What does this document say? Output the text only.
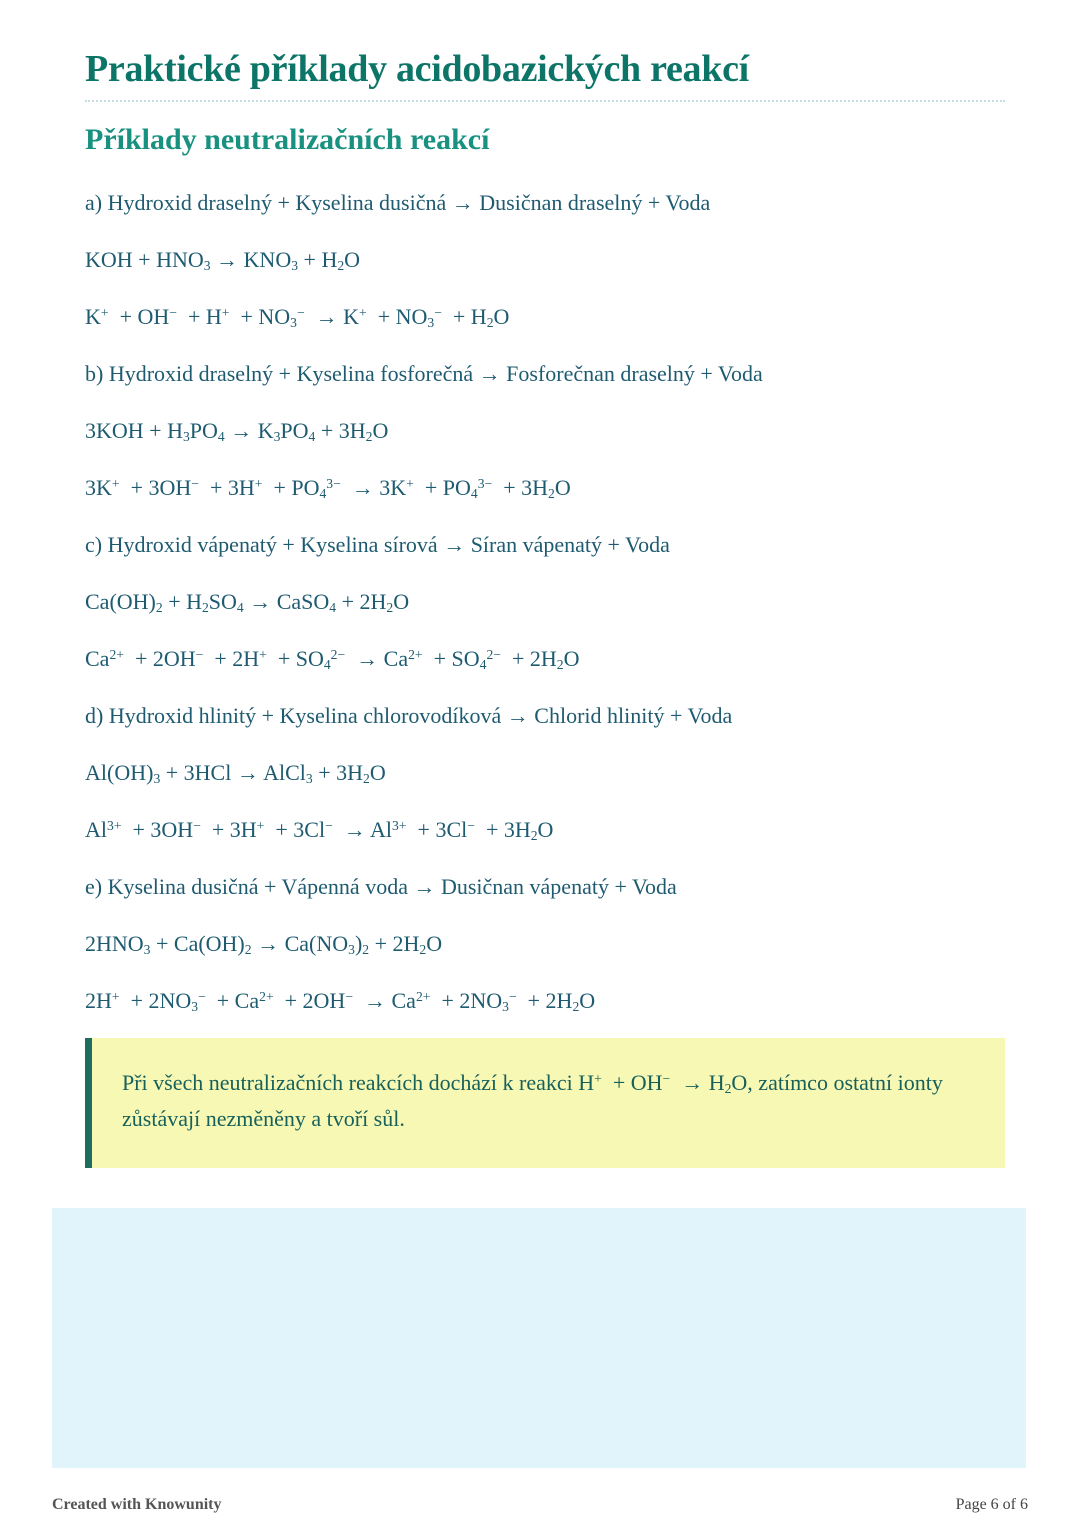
Praktické příklady acidobazických reakcí
Příklady neutralizačních reakcí

a) Hydroxid draselný + Kyselina dusičná → Dusičnan draselný + Voda

KOH + $HNO_3 \to KNO_3 + H_2O$

$K^+ + OH^- + H^+ + NO_3^- \to K^+ + NO_3^- + H_2O$

b) Hydroxid draselný + Kyselina fosforečná → Fosforečnan draselný + Voda

$3KOH + H_3PO_4 \to K_3PO_4 + 3H_2O$

$3K^+ + 3OH^- + 3H^+ + PO_4^{3-} \to 3K^+ + PO_4^{3-} + 3H_2O$

c) Hydroxid vápenatý + Kyselina sírová → Síran vápenatý + Voda

$Ca(OH)_2 + H_2SO_4$ → CaSO$_4$ + $2H_2O$

$Ca^{2+} + 2OH^- + 2H^+ + SO_4^{2-} \to Ca^{2+} + SO_4^{2-} + 2H_2O$

d) Hydroxid hlinitý + Kyselina chlorovodíková → Chlorid hlinitý + Voda

$Al(OH)_3 + 3HCl$ → AlCl$_3$ + $3H_2O$

$Al^{3+} + 3OH^- + 3H^+ + 3Cl^- \to Al^{3+} + 3Cl^- + 3H_2O$

e) Kyselina dusičná + Vápenná voda → Dusičnan vápenatý + Voda

$2HNO_3 + Ca(OH)_2 \to Ca(NO_3)_2 + 2H_2O$

$2H^+ + 2NO_3^- + Ca^{2+} + 2OH^- \to Ca^{2+} + 2NO_3^- + 2H_2O$

Při všech neutralizačních reakcích dochází k reakci $H^+ + OH^- \to H_2O$, zatímco ostatní ionty zůstávají nezměněny a tvoří sůl.

Created with Knowunity	Page 6 of 6
